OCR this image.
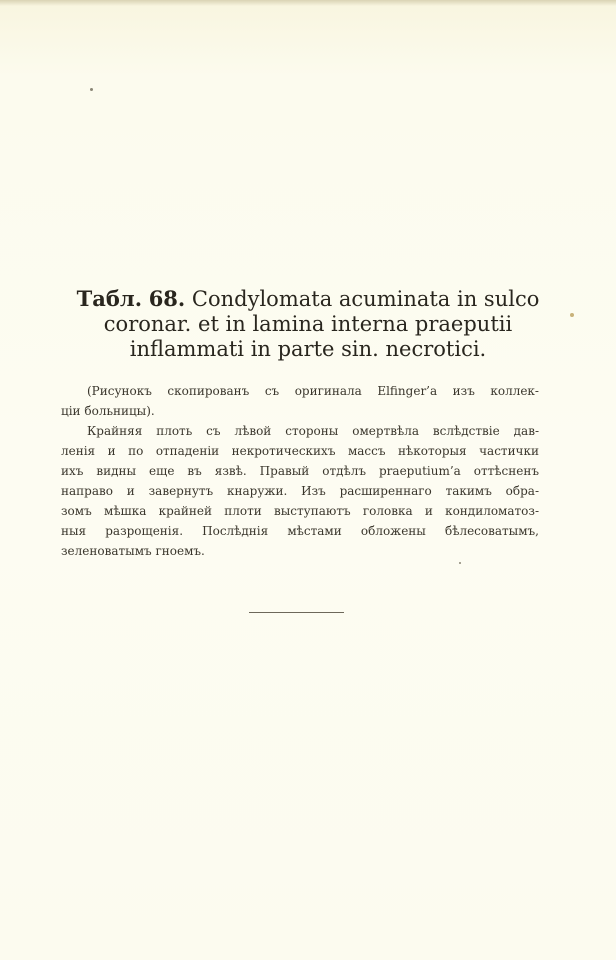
Табл. 68. Condylomata acuminata in sulco
coronar. et in lamina interna praeputii
inflammati in parte sin. necrotici.

(Рисунокъ скопированъ съ оригинала Elfinger’а изъ коллек-
ціи больницы).

Крайняя плоть съ лѣвой стороны омертвѣла вслѣдствіе дав-
ленія и по отпаденіи некротическихъ массъ нѣкоторыя частички
ихъ видны еще въ язвѣ. Правый отдѣлъ praeputium’а оттѣсненъ
направо и завернутъ кнаружи. Изъ расширеннаго такимъ обра-
зомъ мѣшка крайней плоти выступаютъ головка и кондиломатоз-
ныя разрощенія. Послѣднія мѣстами обложены бѣлесоватымъ,
зеленоватымъ гноемъ.
